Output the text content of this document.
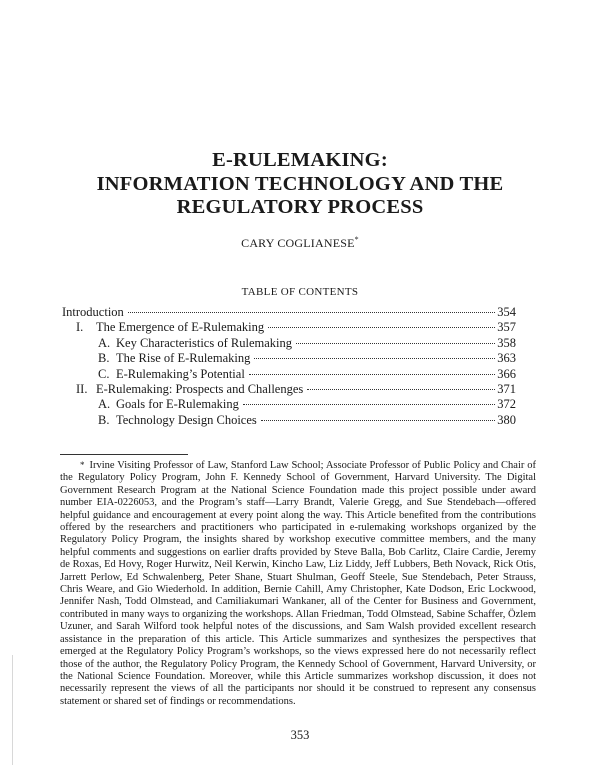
E-RULEMAKING:
INFORMATION TECHNOLOGY AND THE
REGULATORY PROCESS
CARY COGLIANESE*
TABLE OF CONTENTS
Introduction	354
I.	The Emergence of E-Rulemaking	357
A. Key Characteristics of Rulemaking	358
B. The Rise of E-Rulemaking	363
C. E-Rulemaking’s Potential	366
II. E-Rulemaking: Prospects and Challenges	371
A. Goals for E-Rulemaking	372
B. Technology Design Choices	380

* Irvine Visiting Professor of Law, Stanford Law School; Associate Professor of Public Policy and Chair of the Regulatory Policy Program, John F. Kennedy School of Government, Harvard University. The Digital Government Research Program at the National Science Foundation made this project possible under award number EIA-0226053, and the Program’s staff—Larry Brandt, Valerie Gregg, and Sue Stendebach—offered helpful guidance and encouragement at every point along the way. This Article benefited from the contributions offered by the researchers and practitioners who participated in e-rulemaking workshops organized by the Regulatory Policy Program, the insights shared by workshop executive committee members, and the many helpful comments and suggestions on earlier drafts provided by Steve Balla, Bob Carlitz, Claire Cardie, Jeremy de Roxas, Ed Hovy, Roger Hurwitz, Neil Kerwin, Kincho Law, Liz Liddy, Jeff Lubbers, Beth Novack, Rick Otis, Jarrett Perlow, Ed Schwalenberg, Peter Shane, Stuart Shulman, Geoff Steele, Sue Stendebach, Peter Strauss, Chris Weare, and Gio Wiederhold. In addition, Bernie Cahill, Amy Christopher, Kate Dodson, Eric Lockwood, Jennifer Nash, Todd Olmstead, and Camiliakumari Wankaner, all of the Center for Business and Government, contributed in many ways to organizing the workshops. Allan Friedman, Todd Olmstead, Sabine Schaffer, Özlem Uzuner, and Sarah Wilford took helpful notes of the discussions, and Sam Walsh provided excellent research assistance in the preparation of this article. This Article summarizes and synthesizes the perspectives that emerged at the Regulatory Policy Program’s workshops, so the views expressed here do not necessarily reflect those of the author, the Regulatory Policy Program, the Kennedy School of Government, Harvard University, or the National Science Foundation. Moreover, while this Article summarizes workshop discussion, it does not necessarily represent the views of all the participants nor should it be construed to represent any consensus statement or shared set of findings or recommendations.

353
